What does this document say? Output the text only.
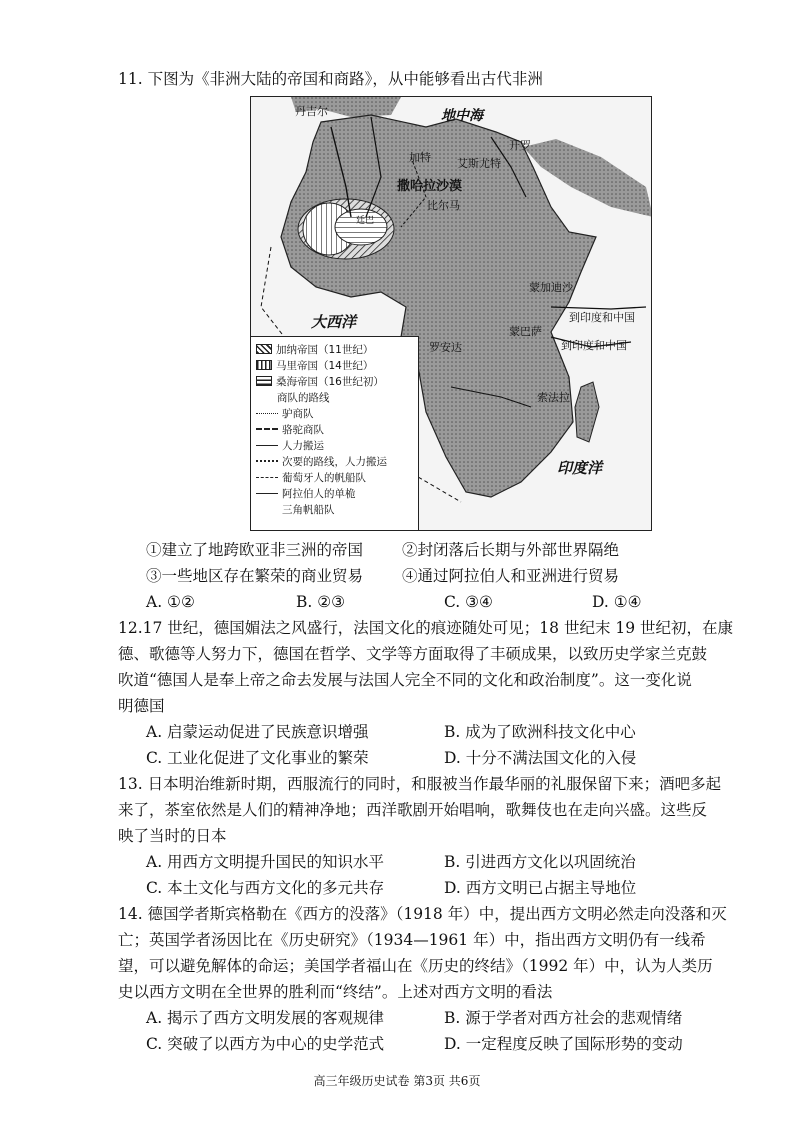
11. 下图为《非洲大陆的帝国和商路》，从中能够看出古代非洲
丹吉尔	地中海
开罗
加特 艾斯尤特
撒哈拉沙漠
比尔马
廷巴
大西洋
蒙加迪沙
蒙巴萨
到印度和中国
到印度和中国
罗安达
索法拉
印度洋
加纳帝国（11世纪）
马里帝国（14世纪）
桑海帝国（16世纪初）
商队的路线
驴商队
骆驼商队
人力搬运
次要的路线，人力搬运
葡萄牙人的帆船队
阿拉伯人的单桅
三角帆船队
①建立了地跨欧亚非三洲的帝国	②封闭落后长期与外部世界隔绝
③一些地区存在繁荣的商业贸易	④通过阿拉伯人和亚洲进行贸易
A. ①②	B. ②③	C. ③④	D. ①④
12.17 世纪，德国媚法之风盛行，法国文化的痕迹随处可见；18 世纪末 19 世纪初，在康
德、歌德等人努力下，德国在哲学、文学等方面取得了丰硕成果，以致历史学家兰克鼓
吹道“德国人是奉上帝之命去发展与法国人完全不同的文化和政治制度”。这一变化说
明德国
A. 启蒙运动促进了民族意识增强	B. 成为了欧洲科技文化中心
C. 工业化促进了文化事业的繁荣	D. 十分不满法国文化的入侵
13. 日本明治维新时期，西服流行的同时，和服被当作最华丽的礼服保留下来；酒吧多起
来了，茶室依然是人们的精神净地；西洋歌剧开始唱响，歌舞伎也在走向兴盛。这些反
映了当时的日本
A. 用西方文明提升国民的知识水平	B. 引进西方文化以巩固统治
C. 本土文化与西方文化的多元共存	D. 西方文明已占据主导地位
14. 德国学者斯宾格勒在《西方的没落》（1918 年）中，提出西方文明必然走向没落和灭
亡；英国学者汤因比在《历史研究》（1934—1961 年）中，指出西方文明仍有一线希
望，可以避免解体的命运；美国学者福山在《历史的终结》（1992 年）中，认为人类历
史以西方文明在全世界的胜利而“终结”。上述对西方文明的看法
A. 揭示了西方文明发展的客观规律	B. 源于学者对西方社会的悲观情绪
C. 突破了以西方为中心的史学范式	D. 一定程度反映了国际形势的变动
高三年级历史试卷 第3页 共6页
